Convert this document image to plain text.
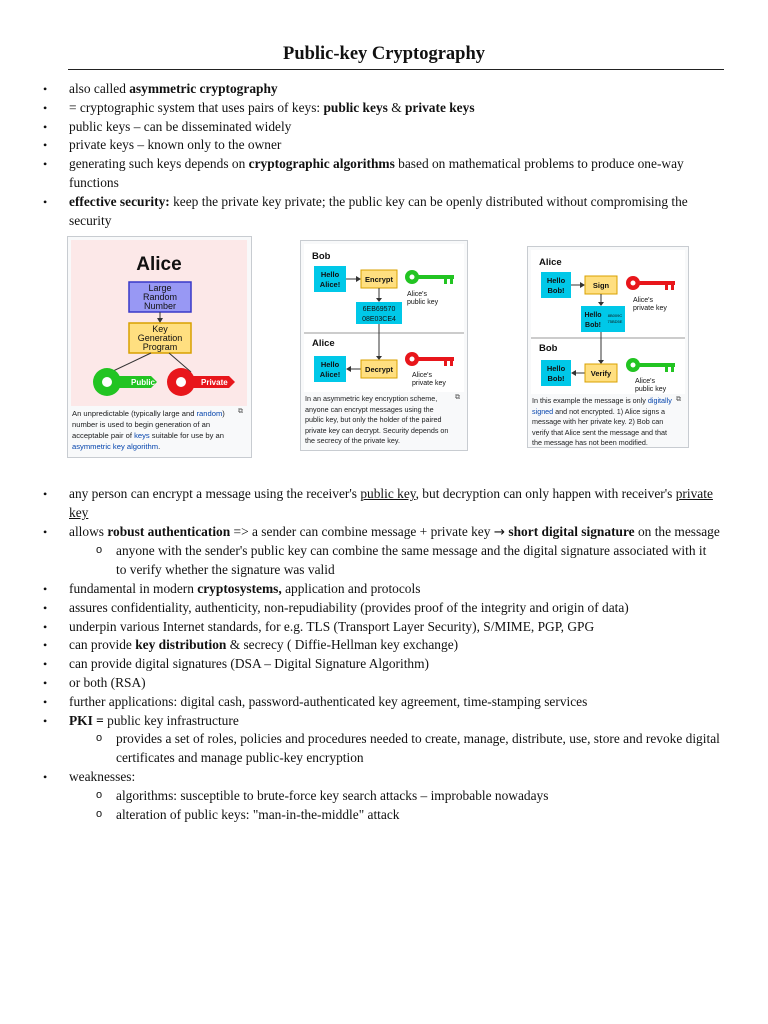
Public-key Cryptography
• also called asymmetric cryptography
• = cryptographic system that uses pairs of keys: public keys & private keys
• public keys – can be disseminated widely
• private keys – known only to the owner
• generating such keys depends on cryptographic algorithms based on mathematical problems to produce one-way functions
• effective security: keep the private key private; the public key can be openly distributed without compromising the security
Alice
Large
Random
Number
Key
Generation
Program
Public	Private
⧉
An unpredictable (typically large and random) number is used to begin generation of an acceptable pair of keys suitable for use by an asymmetric key algorithm.
Bob
Hello
Alice!
Encrypt
Alice's
public key
6EB69570
08E03CE4
Alice
Hello
Alice!
Decrypt
Alice's
private key
⧉
In an asymmetric key encryption scheme, anyone can encrypt messages using the public key, but only the holder of the paired private key can decrypt. Security depends on the secrecy of the private key.
Alice
Hello
Bob!
Sign
Alice's
private key
Hello
Bob!
8B009C
75BD5E
Bob
Hello
Bob!
Verify
Alice's
public key
⧉
In this example the message is only digitally signed and not encrypted. 1) Alice signs a message with her private key. 2) Bob can verify that Alice sent the message and that the message has not been modified.
• any person can encrypt a message using the receiver's public key, but decryption can only happen with receiver's private key
• allows robust authentication => a sender can combine message + private key → short digital signature on the message
o anyone with the sender's public key can combine the same message and the digital signature associated with it to verify whether the signature was valid
• fundamental in modern cryptosystems, application and protocols
• assures confidentiality, authenticity, non-repudiability (provides proof of the integrity and origin of data)
• underpin various Internet standards, for e.g. TLS (Transport Layer Security), S/MIME, PGP, GPG
• can provide key distribution & secrecy ( Diffie-Hellman key exchange)
• can provide digital signatures (DSA – Digital Signature Algorithm)
• or both (RSA)
• further applications: digital cash, password-authenticated key agreement, time-stamping services
• PKI = public key infrastructure
o provides a set of roles, policies and procedures needed to create, manage, distribute, use, store and revoke digital certificates and manage public-key encryption
• weaknesses:
o algorithms: susceptible to brute-force key search attacks – improbable nowadays
o alteration of public keys: "man-in-the-middle" attack
